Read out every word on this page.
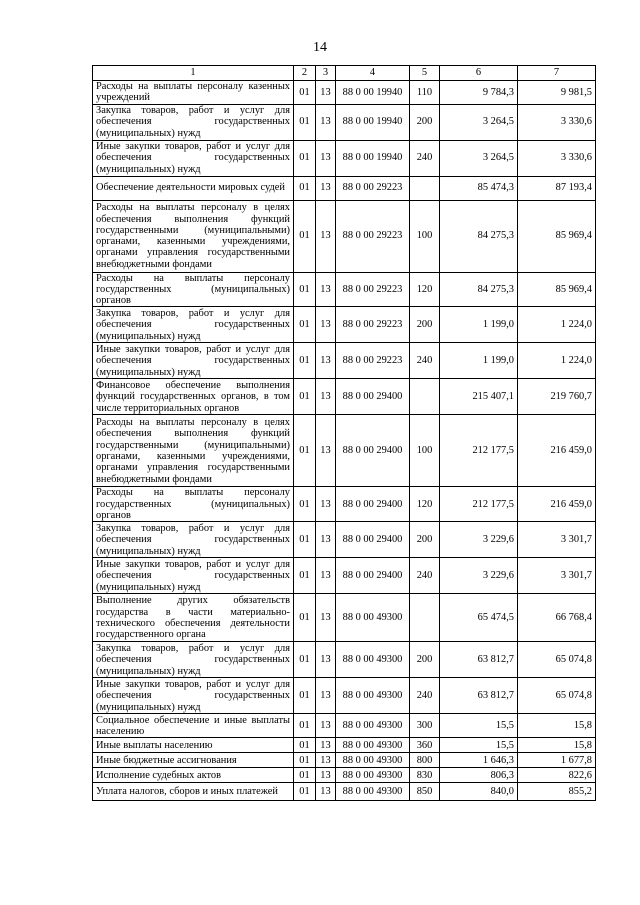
14
1	2	3	4	5	6	7
Расходы на выплаты персоналу казенных учреждений	01	13	88 0 00 19940	110	9 784,3	9 981,5
Закупка товаров, работ и услуг для обеспечения государственных (муниципальных) нужд	01	13	88 0 00 19940	200	3 264,5	3 330,6
Иные закупки товаров, работ и услуг для обеспечения государственных (муниципальных) нужд	01	13	88 0 00 19940	240	3 264,5	3 330,6
Обеспечение деятельности мировых судей	01	13	88 0 00 29223		85 474,3	87 193,4
Расходы на выплаты персоналу в целях обеспечения выполнения функций государственными (муниципальными) органами, казенными учреждениями, органами управления государственными внебюджетными фондами	01	13	88 0 00 29223	100	84 275,3	85 969,4
Расходы на выплаты персоналу государственных (муниципальных) органов	01	13	88 0 00 29223	120	84 275,3	85 969,4
Закупка товаров, работ и услуг для обеспечения государственных (муниципальных) нужд	01	13	88 0 00 29223	200	1 199,0	1 224,0
Иные закупки товаров, работ и услуг для обеспечения государственных (муниципальных) нужд	01	13	88 0 00 29223	240	1 199,0	1 224,0
Финансовое обеспечение выполнения функций государственных органов, в том числе территориальных органов	01	13	88 0 00 29400		215 407,1	219 760,7
Расходы на выплаты персоналу в целях обеспечения выполнения функций государственными (муниципальными) органами, казенными учреждениями, органами управления государственными внебюджетными фондами	01	13	88 0 00 29400	100	212 177,5	216 459,0
Расходы на выплаты персоналу государственных (муниципальных) органов	01	13	88 0 00 29400	120	212 177,5	216 459,0
Закупка товаров, работ и услуг для обеспечения государственных (муниципальных) нужд	01	13	88 0 00 29400	200	3 229,6	3 301,7
Иные закупки товаров, работ и услуг для обеспечения государственных (муниципальных) нужд	01	13	88 0 00 29400	240	3 229,6	3 301,7
Выполнение других обязательств государства в части материально-технического обеспечения деятельности государственного органа	01	13	88 0 00 49300		65 474,5	66 768,4
Закупка товаров, работ и услуг для обеспечения государственных (муниципальных) нужд	01	13	88 0 00 49300	200	63 812,7	65 074,8
Иные закупки товаров, работ и услуг для обеспечения государственных (муниципальных) нужд	01	13	88 0 00 49300	240	63 812,7	65 074,8
Социальное обеспечение и иные выплаты населению	01	13	88 0 00 49300	300	15,5	15,8
Иные выплаты населению	01	13	88 0 00 49300	360	15,5	15,8
Иные бюджетные ассигнования	01	13	88 0 00 49300	800	1 646,3	1 677,8
Исполнение судебных актов	01	13	88 0 00 49300	830	806,3	822,6
Уплата налогов, сборов и иных платежей	01	13	88 0 00 49300	850	840,0	855,2
